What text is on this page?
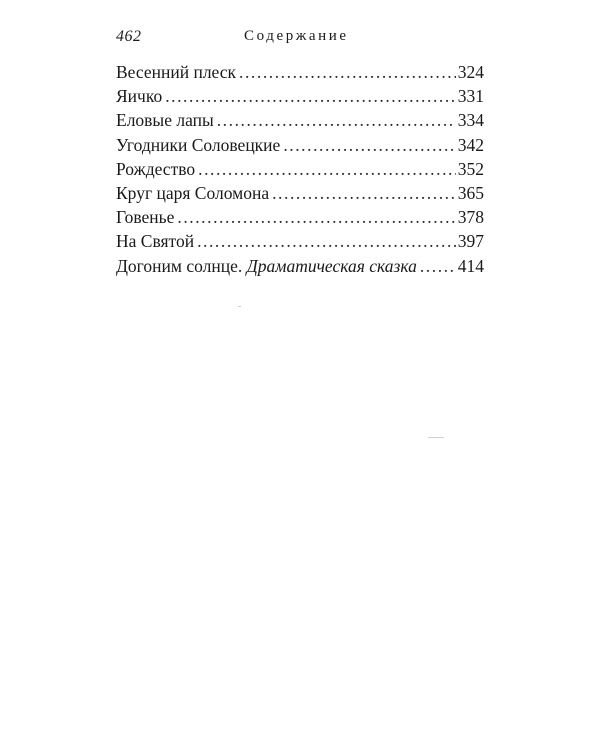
462	Содержание
Весенний плеск . . .	324
Яичко . . .	331
Еловые лапы . . .	334
Угодники Соловецкие . . .	342
Рождество . . .	352
Круг царя Соломона . . .	365
Говенье . . .	378
На Святой . . .	397
Догоним солнце. Драматическая сказка . . . 414
